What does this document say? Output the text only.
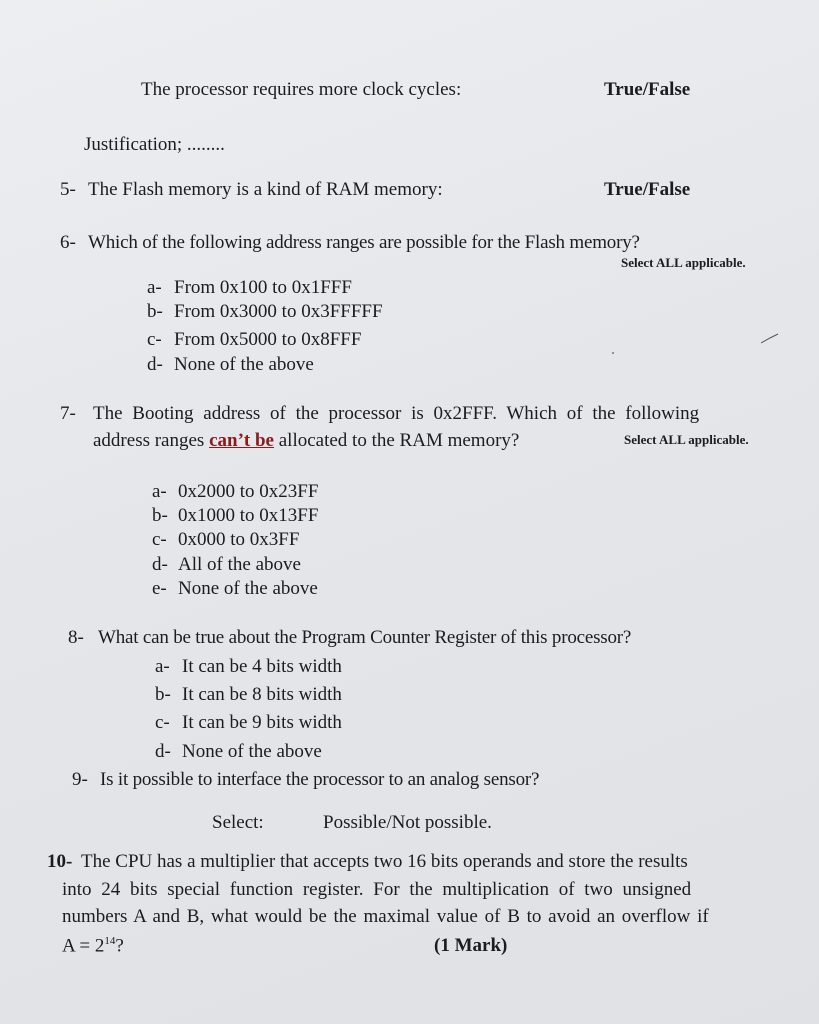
The processor requires more clock cycles:	True/False
Justification; ........
5- The Flash memory is a kind of RAM memory:	True/False
6- Which of the following address ranges are possible for the Flash memory?
Select ALL applicable.
a- From 0x100 to 0x1FFF
b- From 0x3000 to 0x3FFFFF
c- From 0x5000 to 0x8FFF
d- None of the above
7- The Booting address of the processor is 0x2FFF. Which of the following
address ranges can’t be allocated to the RAM memory?	Select ALL applicable.
a- 0x2000 to 0x23FF
b- 0x1000 to 0x13FF
c- 0x000 to 0x3FF
d- All of the above
e- None of the above
8- What can be true about the Program Counter Register of this processor?
a- It can be 4 bits width
b- It can be 8 bits width
c- It can be 9 bits width
d- None of the above
9- Is it possible to interface the processor to an analog sensor?
Select:	Possible/Not possible.
10- The CPU has a multiplier that accepts two 16 bits operands and store the results
into 24 bits special function register. For the multiplication of two unsigned
numbers A and B, what would be the maximal value of B to avoid an overflow if
$A = 2^{14}$?	(1 Mark)
